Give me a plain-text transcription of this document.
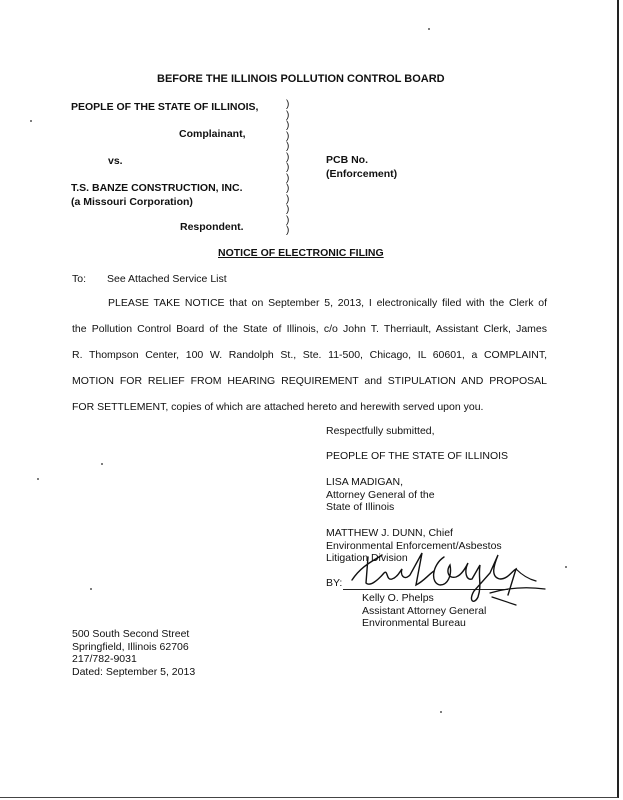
BEFORE THE ILLINOIS POLLUTION CONTROL BOARD
PEOPLE OF THE STATE OF ILLINOIS,
Complainant,
vs.
T.S. BANZE CONSTRUCTION, INC.
(a Missouri Corporation)
Respondent.
)
)
)
)
)
)
)
)
)
)
)
)
)
PCB No.
(Enforcement)
NOTICE OF ELECTRONIC FILING
To: See Attached Service List
PLEASE TAKE NOTICE that on September 5, 2013, I electronically filed with the Clerk of
the Pollution Control Board of the State of Illinois, c/o John T. Therriault, Assistant Clerk, James
R. Thompson Center, 100 W. Randolph St., Ste. 11-500, Chicago, IL 60601, a COMPLAINT,
MOTION FOR RELIEF FROM HEARING REQUIREMENT and STIPULATION AND PROPOSAL
FOR SETTLEMENT, copies of which are attached hereto and herewith served upon you.
Respectfully submitted,
PEOPLE OF THE STATE OF ILLINOIS
LISA MADIGAN,
Attorney General of the
State of Illinois
MATTHEW J. DUNN, Chief
Environmental Enforcement/Asbestos
Litigation Division
BY:
Kelly O. Phelps
Assistant Attorney General
Environmental Bureau
500 South Second Street
Springfield, Illinois 62706
217/782-9031
Dated: September 5, 2013
